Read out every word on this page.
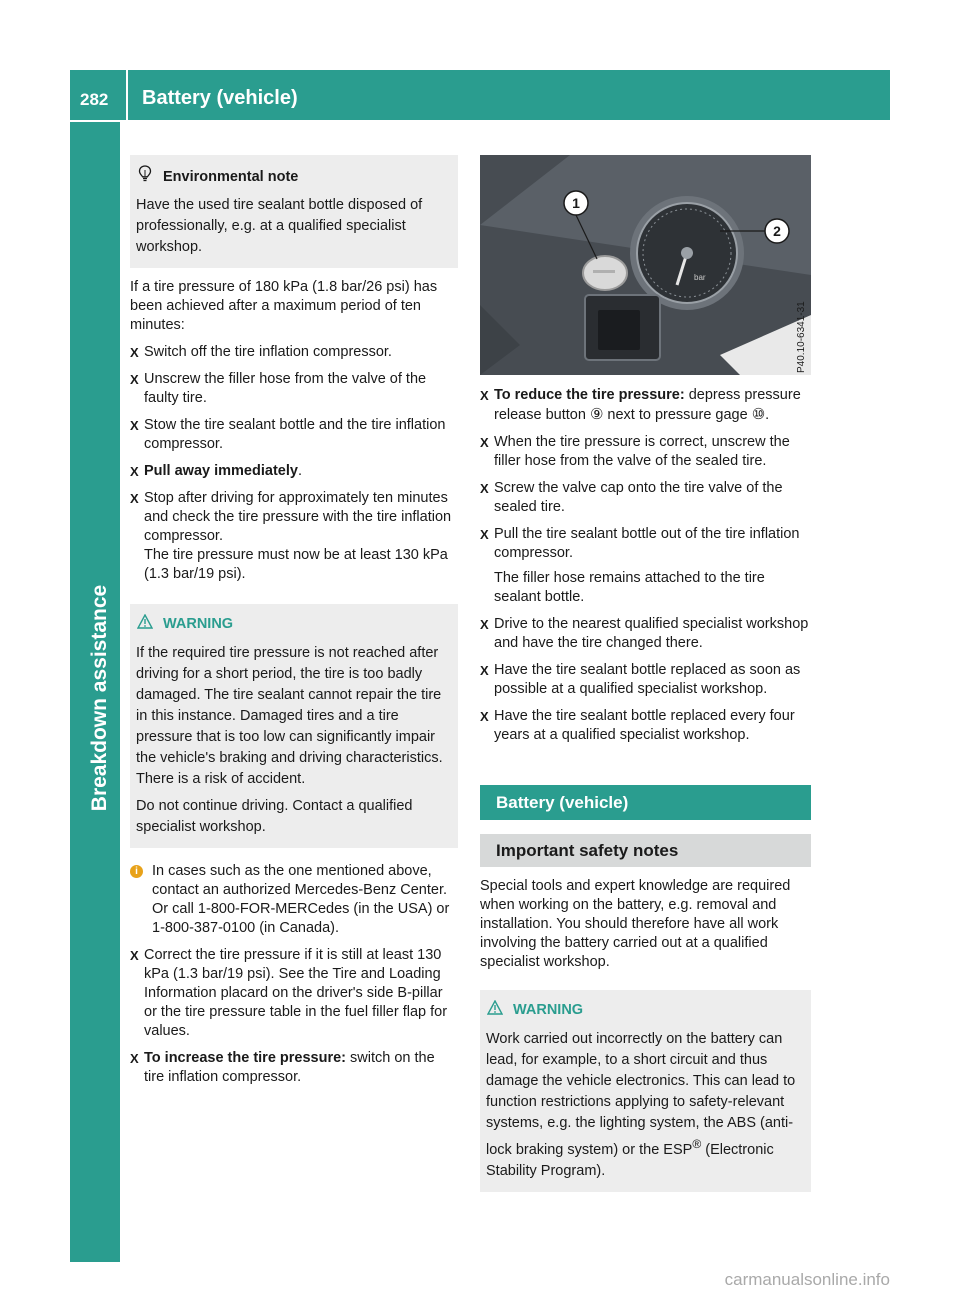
282 Battery (vehicle)
Breakdown assistance
Environmental note

Have the used tire sealant bottle disposed of professionally, e.g. at a qualified specialist workshop.

If a tire pressure of 180 kPa (1.8 bar/26 psi) has been achieved after a maximum period of ten minutes:

X Switch off the tire inflation compressor.
X Unscrew the filler hose from the valve of the faulty tire.
X Stow the tire sealant bottle and the tire inflation compressor.
X Pull away immediately.
X Stop after driving for approximately ten minutes and check the tire pressure with the tire inflation compressor.
The tire pressure must now be at least 130 kPa (1.3 bar/19 psi).
WARNING

If the required tire pressure is not reached after driving for a short period, the tire is too badly damaged. The tire sealant cannot repair the tire in this instance. Damaged tires and a tire pressure that is too low can significantly impair the vehicle's braking and driving characteristics. There is a risk of accident.

Do not continue driving. Contact a qualified specialist workshop.

i In cases such as the one mentioned above, contact an authorized Mercedes-Benz Center. Or call 1-800-FOR-MERCedes (in the USA) or 1-800-387-0100 (in Canada).
X Correct the tire pressure if it is still at least 130 kPa (1.3 bar/19 psi). See the Tire and Loading Information placard on the driver's side B-pillar or the tire pressure table in the fuel filler flap for values.
X To increase the tire pressure: switch on the tire inflation compressor.
bar
1
2
P40.10-6341-31
X To reduce the tire pressure: depress pressure release button ⑨ next to pressure gage ⑩.
X When the tire pressure is correct, unscrew the filler hose from the valve of the sealed tire.
X Screw the valve cap onto the tire valve of the sealed tire.
X Pull the tire sealant bottle out of the tire inflation compressor.
The filler hose remains attached to the tire sealant bottle.
X Drive to the nearest qualified specialist workshop and have the tire changed there.
X Have the tire sealant bottle replaced as soon as possible at a qualified specialist workshop.
X Have the tire sealant bottle replaced every four years at a qualified specialist workshop.
Battery (vehicle)
Important safety notes

Special tools and expert knowledge are required when working on the battery, e.g. removal and installation. You should therefore have all work involving the battery carried out at a qualified specialist workshop.

WARNING

Work carried out incorrectly on the battery can lead, for example, to a short circuit and thus damage the vehicle electronics. This can lead to function restrictions applying to safety-relevant systems, e.g. the lighting system, the ABS (anti-lock braking system) or the ESP® (Electronic Stability Program).

carmanualsonline.info
